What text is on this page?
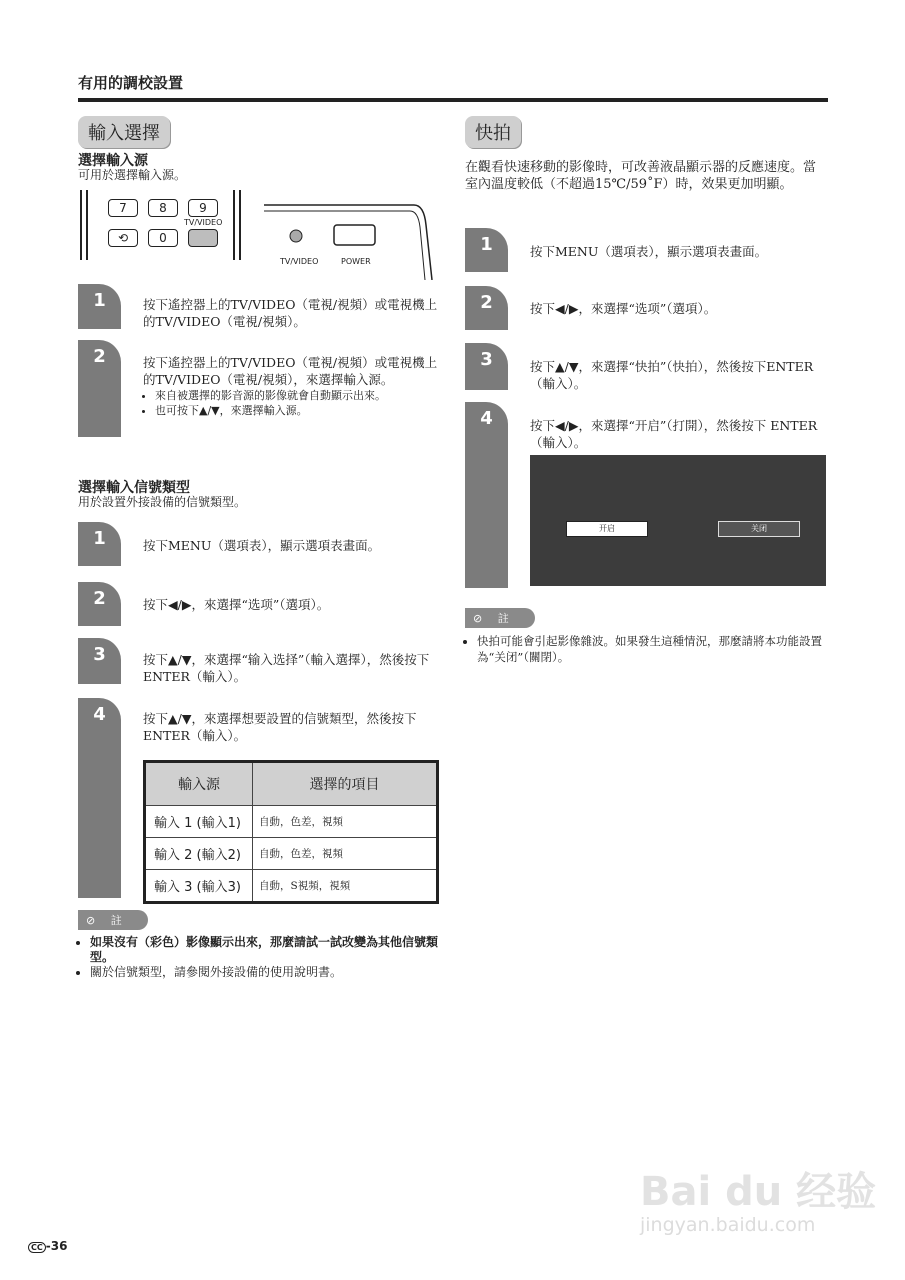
有用的調校設置
輸入選擇
選擇輸入源
可用於選擇輸入源。
7	8	9
⟲	0
TV/VIDEO
TV/VIDEO	POWER
1	按下遙控器上的TV/VIDEO（電視/視頻）或電視機上的TV/VIDEO（電視/視頻）。
2	按下遙控器上的TV/VIDEO（電視/視頻）或電視機上的TV/VIDEO（電視/視頻），來選擇輸入源。
• 來自被選擇的影音源的影像就會自動顯示出來。
• 也可按下▲/▼，來選擇輸入源。
選擇輸入信號類型
用於設置外接設備的信號類型。
1	按下MENU（選項表），顯示選項表畫面。
2	按下◀/▶，來選擇“选项”（選項）。
3	按下▲/▼，來選擇“输入选择”（輸入選擇），然後按下 ENTER（輸入）。
4	按下▲/▼，來選擇想要設置的信號類型，然後按下ENTER（輸入）。
輸入源	選擇的項目
輸入 1 (輸入1)	自動，色差，視頻
輸入 2 (輸入2)	自動，色差，視頻
輸入 3 (輸入3)	自動，S視頻，視頻
⊘ 註
• 如果沒有（彩色）影像顯示出來，那麼請試一試改變為其他信號類型。
• 關於信號類型，請參閱外接設備的使用說明書。
快拍
在觀看快速移動的影像時，可改善液晶顯示器的反應速度。當室內溫度較低（不超過15℃/59˚F）時，效果更加明顯。
1	按下MENU（選項表），顯示選項表畫面。
2	按下◀/▶，來選擇“选项”（選項）。
3	按下▲/▼，來選擇“快拍”（快拍），然後按下ENTER（輸入）。
4	按下◀/▶，來選擇“开启”（打開），然後按下 ENTER（輸入）。
开启	关闭
⊘ 註
• 快拍可能會引起影像雜波。如果發生這種情況，那麼請將本功能設置為“关闭”（關閉）。
Bai du 经验
jingyan.baidu.com
CC -36
